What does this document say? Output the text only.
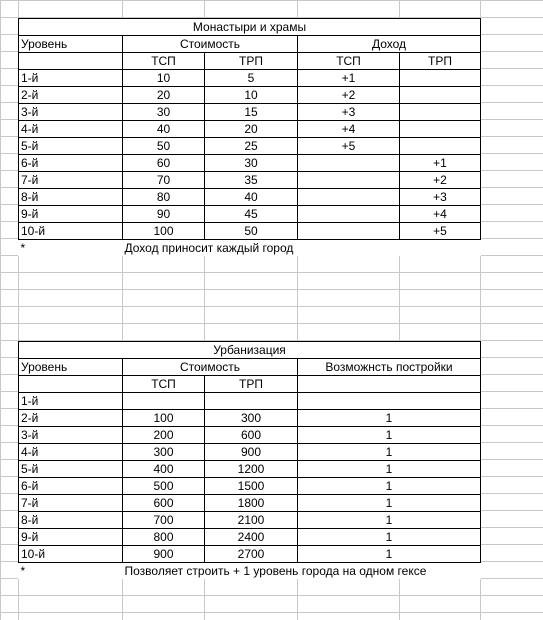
Монастыри и храмы				
Уровень	Стоимость		Доход	
	ТСП	ТРП	ТСП	ТРП
1-й	10	5	+1	
2-й	20	10	+2	
3-й	30	15	+3	
4-й	40	20	+4	
5-й	50	25	+5	
6-й	60	30		+1
7-й	70	35		+2
8-й	80	40		+3
9-й	90	45		+4
10-й	100	50		+5
*	Доход приносит каждый город			
Урбанизация			
Уровень	Стоимость		Возможнсть постройки
	ТСП	ТРП	
1-й			
2-й	100	300	1
3-й	200	600	1
4-й	300	900	1
5-й	400	1200	1
6-й	500	1500	1
7-й	600	1800	1
8-й	700	2100	1
9-й	800	2400	1
10-й	900	2700	1
*	Позволяет строить + 1 уровень города на одном гексе		
